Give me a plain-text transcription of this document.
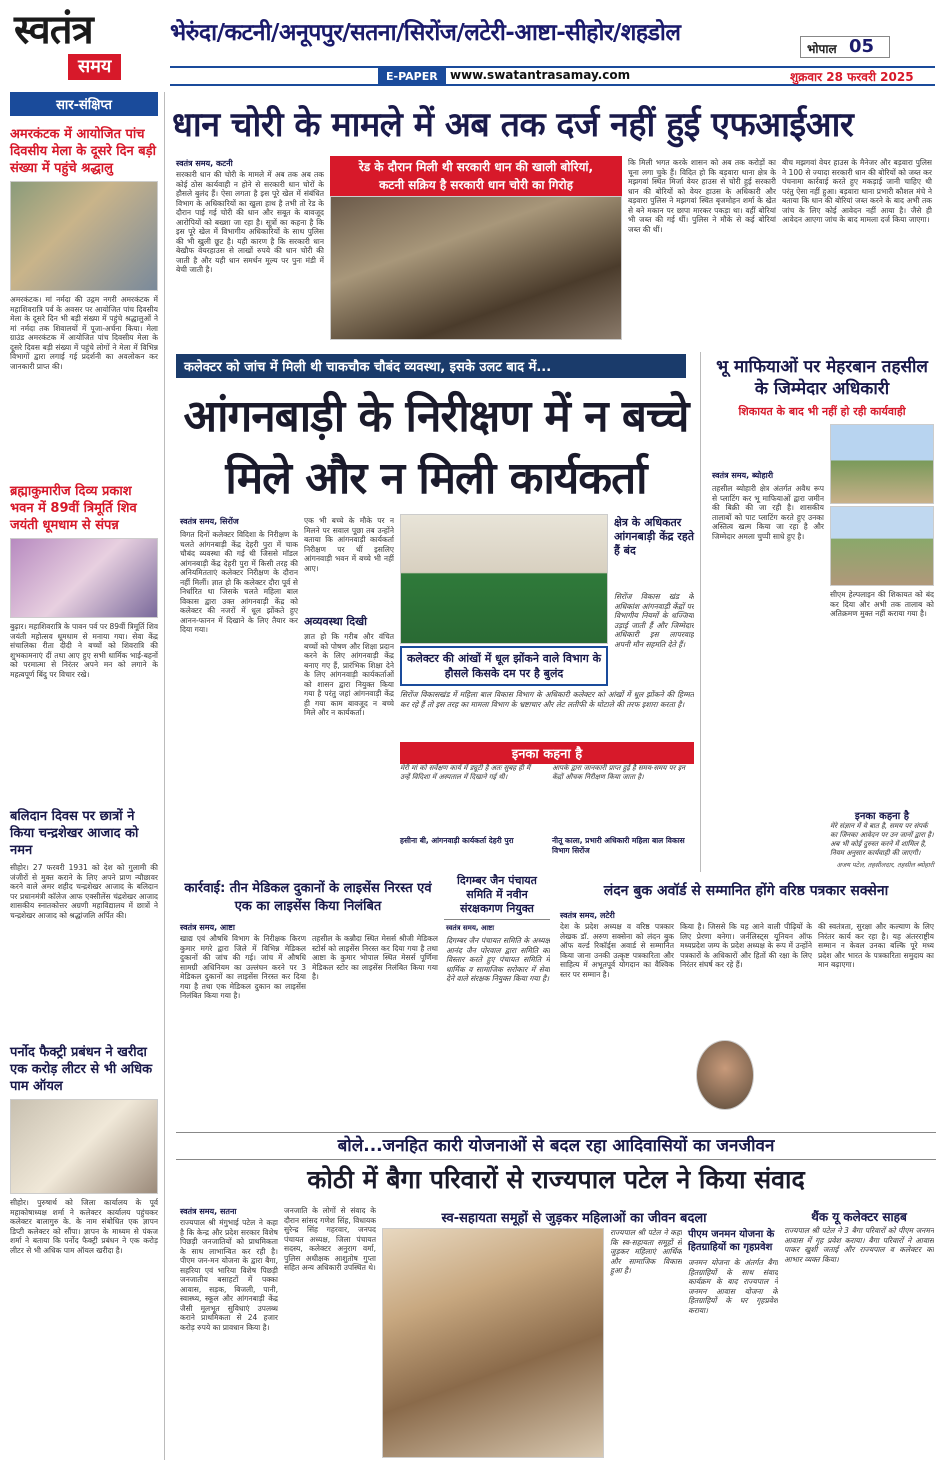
स्वतंत्र
समय
भेरुंदा/कटनी/अनूपपुर/सतना/सिरोंज/लटेरी-आष्टा-सीहोर/शहडोल
भोपाल 05
E-PAPER	www.swatantrasamay.com	शुक्रवार 28 फरवरी 2025
सार-संक्षिप्त
अमरकंटक में आयोजित पांच दिवसीय मेला के दूसरे दिन बड़ी संख्या में पहुंचे श्रद्धालु
अमरकंटक। मां नर्मदा की उद्गम नगरी अमरकंटक में महाशिवरात्रि पर्व के अवसर पर आयोजित पांच दिवसीय मेला के दूसरे दिन भी बड़ी संख्या में पहुंचे श्रद्धालुओं ने मां नर्मदा तक शिवालयों में पूजा-अर्चना किया। मेला ग्राउंड अमरकंटक में आयोजित पांच दिवसीय मेला के दूसरे दिवस बड़ी संख्या में पहुंचे लोगों ने मेला में विभिन्न विभागों द्वारा लगाई गई प्रदर्शनी का अवलोकन कर जानकारी प्राप्त की।
ब्रह्माकुमारीज दिव्य प्रकाश भवन में 89वीं त्रिमूर्ति शिव जयंती धूमधाम से संपन्न
बुढ़ार। महाशिवरात्रि के पावन पर्व पर 89वीं त्रिमूर्ति शिव जयंती महोत्सव धूमधाम से मनाया गया। सेवा केंद्र संचालिका रीता दीदी ने बच्चों को शिवरात्रि की शुभकामनाएं दीं तथा आए हुए सभी धार्मिक भाई-बहनों को परमात्मा से निरंतर अपने मन को लगाने के महत्वपूर्ण बिंदु पर विचार रखे।
बलिदान दिवस पर छात्रों ने किया चन्द्रशेखर आजाद को नमन
सीहोर। 27 फरवरी 1931 को देश को गुलामी की जंजीरों से मुक्त कराने के लिए अपने प्राण न्यौछावर करने वाले अमर शहीद चन्द्रशेखर आजाद के बलिदान पर प्रधानमंत्री कॉलेज आफ एक्सीलेंस चंद्रशेखर आजाद शासकीय स्नातकोत्तर अग्रणी महाविद्यालय में छात्रों ने चन्द्रशेखर आजाद को श्रद्धांजलि अर्पित की।
पर्नोद फैक्ट्री प्रबंधन ने खरीदा एक करोड़ लीटर से भी अधिक पाम ऑयल
सीहोर। पुरुषार्थ को जिला कार्यालय के पूर्व महाकोषाध्यक्ष शर्मा ने कलेक्टर कार्यालय पहुंचकर कलेक्टर बालागुरु के. के नाम संबोधित एक ज्ञापन डिप्टी कलेक्टर को सौंपा। ज्ञापन के माध्यम से पंकज शर्मा ने बताया कि पर्नोद फैक्ट्री प्रबंधन ने एक करोड़ लीटर से भी अधिक पाम ऑयल खरीदा है।
धान चोरी के मामले में अब तक दर्ज नहीं हुई एफआईआर
स्वतंत्र समय, कटनी
सरकारी धान की चोरी के मामले में अब तक अब तक कोई ठोस कार्यवाही न होने से सरकारी धान चोरों के हौसले बुलंद हैं। ऐसा लगता है इस पूरे खेल में संबंधित विभाग के अधिकारियों का खुला हाथ है तभी तो रेड के दौरान पाई गई चोरी की धान और सबूत के बावजूद आरोपियों को बख्शा जा रहा है। सूत्रों का कहना है कि इस पूरे खेल में विभागीय अधिकारियों के साथ पुलिस की भी खुली छूट है। यही कारण है कि सरकारी धान बेखौफ वेयरहाउस से लाखों रुपये की धान चोरी की जाती है और यही धान समर्थन मूल्य पर पुनः मंडी में बेची जाती है।
रेड के दौरान मिली थी सरकारी धान की खाली बोरियां,
कटनी सक्रिय है सरकारी धान चोरी का गिरोह
कि मिली भगत करके शासन को अब तक करोड़ों का चूना लगा चुके हैं। विदित हो कि बड़वारा थाना क्षेत्र के मझगवां स्थित मिर्जा वेयर हाउस से चोरी हुई सरकारी धान की बोरियों को वेयर हाउस के अधिकारी और बड़वारा पुलिस ने मझगवां स्थित बृजमोहन शर्मा के खेत से बने मकान पर छापा मारकर पकड़ा था। वहीं बोरियां भी जब्त की गई थीं। पुलिस ने मौके से कई बोरियां जब्त की थीं।
बीच मझगवां वेयर हाउस के मैनेजर और बड़वारा पुलिस ने 100 से ज्यादा सरकारी धान की बोरियों को जब्त कर पंचनामा कार्रवाई करते हुए मकड़ाई जानी चाहिए थी परंतु ऐसा नहीं हुआ। बड़वारा थाना प्रभारी कौशल मंचे ने बताया कि धान की बोरियां जब्त करने के बाद अभी तक जांच के लिए कोई आवेदन नहीं आया है। जैसे ही आवेदन आएगा जांच के बाद मामला दर्ज किया जाएगा।
कलेक्टर को जांच में मिली थी चाकचौक चौबंद व्यवस्था, इसके उलट बाद में...
आंगनबाड़ी के निरीक्षण में न बच्चे
मिले और न मिली कार्यकर्ता
स्वतंत्र समय, सिरोंज
विगत दिनों कलेक्टर विदिशा के निरीक्षण के चलते आंगनबाड़ी केंद्र देहरी पुरा में चाक चौबंद व्यवस्था की गई थी जिससे मॉडल आंगनबाड़ी केंद्र देहरी पुरा में किसी तरह की अनियमितताएं कलेक्टर निरीक्षण के दौरान नहीं मिलीं। ज्ञात हो कि कलेक्टर दौरा पूर्व से निर्धारित था जिसके चलते महिला बाल विकास द्वारा उक्त आंगनवाड़ी केंद्र को कलेक्टर की नजरों में धूल झोंकते हुए आनन-फानन में दिखाने के लिए तैयार कर दिया गया।
एक भी बच्चे के मौके पर न मिलने पर सवाल पूछा तब उन्होंने बताया कि आंगनवाड़ी कार्यकर्ता निरीक्षण पर थीं इसलिए आंगनवाड़ी भवन में बच्चे भी नहीं आए।
अव्यवस्था दिखी
ज्ञात हो कि गरीब और वंचित बच्चों को पोषण और शिक्षा प्रदान करने के लिए आंगनवाड़ी केंद्र बनाए गए हैं, प्रारंभिक शिक्षा देने के लिए आंगनवाड़ी कार्यकर्ताओं को शासन द्वारा नियुक्त किया गया है परंतु जहां आंगनवाड़ी केंद्र ही गया काम बावजूद न बच्चे मिले और न कार्यकर्ता।
कलेक्टर की आंखों में धूल झोंकने वाले विभाग के हौसले किसके दम पर है बुलंद
क्षेत्र के अधिकतर आंगनबाड़ी केंद्र रहते हैं बंद
सिरोंज विकास खंड के अधिकांश आंगनवाड़ी केंद्रों पर विभागीय नियमों के धज्जियां उड़ाई जाती हैं और जिम्मेदार अधिकारी इस लापरवाह अपनी मौन सहमति देते हैं।
सिरोंज विकासखंड में महिला बाल विकास विभाग के अधिकारी कलेक्टर को आंखों में धूल झोंकने की हिम्मत कर रहे हैं तो इस तरह का मामला विभाग के भ्रष्टाचार और लेट लतीफी के घोटाले की तरफ इशारा करता है।
इनका कहना है
मेरी मां को सर्वेक्षण कार्य में ड्यूटी है अतः सुबह ही मैं उन्हें विदिशा में अस्पताल में दिखाने गई थी।
हसीना बी, आंगनवाड़ी कार्यकर्ता देहरी पुरा
आपके द्वारा जानकारी प्राप्त हुई है समय-समय पर इन केंद्रों औचक निरीक्षण किया जाता है।
नीतू काला, प्रभारी अधिकारी महिला बाल विकास विभाग सिरोंज
भू माफियाओं पर मेहरबान तहसील के जिम्मेदार अधिकारी
शिकायत के बाद भी नहीं हो रही कार्यवाही
स्वतंत्र समय, ब्योहारी
तहसील ब्योहारी क्षेत्र अंतर्गत अवैध रूप से प्लाटिंग कर भू माफियाओं द्वारा जमीन की बिक्री की जा रही है। शासकीय तालाबों को पाट प्लाटिंग करते हुए उनका अस्तित्व खत्म किया जा रहा है और जिम्मेदार अमला चुप्पी साधे हुए है।
सीएम हेल्पलाइन की शिकायत को बंद कर दिया और अभी तक तालाब को अतिक्रमण मुक्त नहीं कराया गया है।
इनका कहना है
मेरे संज्ञान में ये बात है, समय पर संपर्क का जिनका आवेदन पर उन जानों द्वारा है। अब भी कोई दुरुस्त करने में शामिल है, नियम अनुसार कार्यवाही की जाएगी।
अजय पटेल, तहसीलदार, तहसील ब्योहारी
कार्रवाई: तीन मेडिकल दुकानों के लाइसेंस निरस्त एवं एक का लाइसेंस किया निलंबित
स्वतंत्र समय, आष्टा
खाद्य एवं औषधि विभाग के निरीक्षक किरण कुमार मगरे द्वारा जिले में विभिन्न मेडिकल दुकानों की जांच की गई। जांच में औषधि सामग्री अधिनियम का उल्लंघन करने पर 3 मेडिकल दुकानों का लाइसेंस निरस्त कर दिया गया है तथा एक मेडिकल दुकान का लाइसेंस निलंबित किया गया है।
तहसील के कन्नौदा स्थित मेसर्स श्रीजी मेडिकल स्टोर्स को लाइसेंस निरस्त कर दिया गया है तथा आष्टा के कुमार भोपाल स्थित मेसर्स पूर्णिमा मेडिकल स्टोर का लाइसेंस निलंबित किया गया है।
दिगम्बर जैन पंचायत समिति में नवीन संरक्षकगण नियुक्त
स्वतंत्र समय, आष्टा
दिगम्बर जैन पंचायत समिति के अध्यक्ष आनंद जैन पोरवाल द्वारा समिति का विस्तार करते हुए पंचायत समिति में धार्मिक व सामाजिक सरोकार में सेवा देने वाले संरक्षक नियुक्त किया गया है।
लंदन बुक अवॉर्ड से सम्मानित होंगे वरिष्ठ पत्रकार सक्सेना
स्वतंत्र समय, लटेरी
देश के प्रदेश अध्यक्ष व वरिष्ठ पत्रकार लेखक डॉ. अरुण सक्सेना को लंदन बुक ऑफ वर्ल्ड रिकॉर्ड्स अवार्ड से सम्मानित किया जाना उनकी उत्कृष्ट पत्रकारिता और साहित्य में अभूतपूर्व योगदान का वैश्विक स्तर पर सम्मान है।
किया है। जिससे कि यह आने वाली पीढ़ियों के लिए प्रेरणा बनेगा। जर्नलिस्ट्स यूनियन ऑफ मध्यप्रदेश जम्प के प्रदेश अध्यक्ष के रूप में उन्होंने पत्रकारों के अधिकारों और हितों की रक्षा के लिए निरंतर संघर्ष कर रहे हैं।
की स्वतंत्रता, सुरक्षा और कल्याण के लिए निरंतर कार्य कर रहा है। यह अंतरराष्ट्रीय सम्मान न केवल उनका बल्कि पूरे मध्य प्रदेश और भारत के पत्रकारिता समुदाय का मान बढ़ाएगा।
बोले...जनहित कारी योजनाओं से बदल रहा आदिवासियों का जनजीवन
कोठी में बैगा परिवारों से राज्यपाल पटेल ने किया संवाद
स्वतंत्र समय, सतना
राज्यपाल श्री मंगुभाई पटेल ने कहा है कि केन्द्र और प्रदेश सरकार विशेष पिछड़ी जनजातियों को प्राथमिकता के साथ लाभान्वित कर रही है। पीएम जन-मन योजना के द्वारा बैगा, सहरिया एवं भारिया विशेष पिछड़ी जनजातीय बसाहटों में पक्का आवास, सड़क, बिजली, पानी, स्वास्थ्य, स्कूल और आंगनबाड़ी केंद्र जैसी मूलभूत सुविधाएं उपलब्ध कराने प्राथमिकता से 24 हजार करोड़ रुपये का प्रावधान किया है।
जनजाति के लोगों से संवाद के दौरान सांसद गणेश सिंह, विधायक सुरेन्द्र सिंह गहरवार, जनपद पंचायत अध्यक्ष, जिला पंचायत सदस्य, कलेक्टर अनुराग वर्मा, पुलिस अधीक्षक आशुतोष गुप्ता सहित अन्य अधिकारी उपस्थित थे।
स्व-सहायता समूहों से जुड़कर महिलाओं का जीवन बदला
राज्यपाल श्री पटेल ने कहा कि स्व-सहायता समूहों से जुड़कर महिलाएं आर्थिक और सामाजिक विकास हुआ है।
पीएम जनमन योजना के हितग्राहियों का गृहप्रवेश
जनमन योजना के अंतर्गत बैगा हितग्राहियों के साथ संवाद कार्यक्रम के बाद राज्यपाल ने जनमन आवास योजना के हितग्राहियों के घर गृहप्रवेश कराया।
थैंक यू कलेक्टर साहब
राज्यपाल श्री पटेल ने 3 बैगा परिवारों को पीएम जनमन आवास में गृह प्रवेश कराया। बैगा परिवारों ने आवास पाकर खुशी जताई और राज्यपाल व कलेक्टर का आभार व्यक्त किया।
